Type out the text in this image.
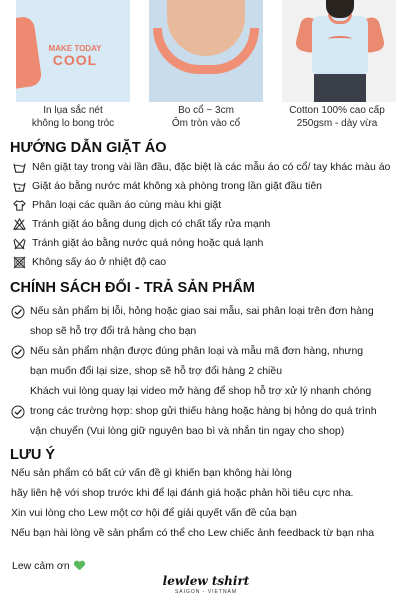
MAKE TODAY
COOL
In lụa sắc nét
không lo bong tróc
Bo cổ ~ 3cm
Ôm tròn vào cổ
Cotton 100% cao cấp
250gsm - dày vừa
HƯỚNG DẪN GIẶT ÁO
Nên giặt tay trong vài lần đầu, đặc biệt là các mẫu áo có cổ/ tay khác màu áo
Giặt áo bằng nước mát không xà phòng trong lần giặt đầu tiên
Phân loại các quần áo cùng màu khi giặt
Tránh giặt áo bằng dung dịch có chất tẩy rửa mạnh
Tránh giặt áo bằng nước quá nóng hoặc quá lạnh
Không sấy áo ở nhiệt độ cao
CHÍNH SÁCH ĐỔI - TRẢ SẢN PHẨM
Nếu sản phẩm bị lỗi, hỏng hoặc giao sai mẫu, sai phân loại trên đơn hàng
shop sẽ hỗ trợ đổi trả hàng cho bạn
Nếu sản phẩm nhận được đúng phân loại và mẫu mã đơn hàng, nhưng
bạn muốn đổi lại size, shop sẽ hỗ trợ đổi hàng 2 chiều
Khách vui lòng quay lại video mở hàng để shop hỗ trợ xử lý nhanh chóng
trong các trường hợp: shop gửi thiếu hàng hoặc hàng bị hỏng do quá trình
vận chuyển (Vui lòng giữ nguyên bao bì và nhắn tin ngay cho shop)
LƯU Ý
Nếu sản phẩm có bất cứ vấn đề gì khiến bạn không hài lòng
hãy liên hệ với shop trước khi để lại đánh giá hoặc phản hồi tiêu cực nha.
Xin vui lòng cho Lew một cơ hội để giải quyết vấn đề của bạn
Nếu bạn hài lòng về sản phẩm có thể cho Lew chiếc ảnh feedback từ bạn nha
Lew cảm ơn
lewlew tshirt
SAIGON - VIETNAM
